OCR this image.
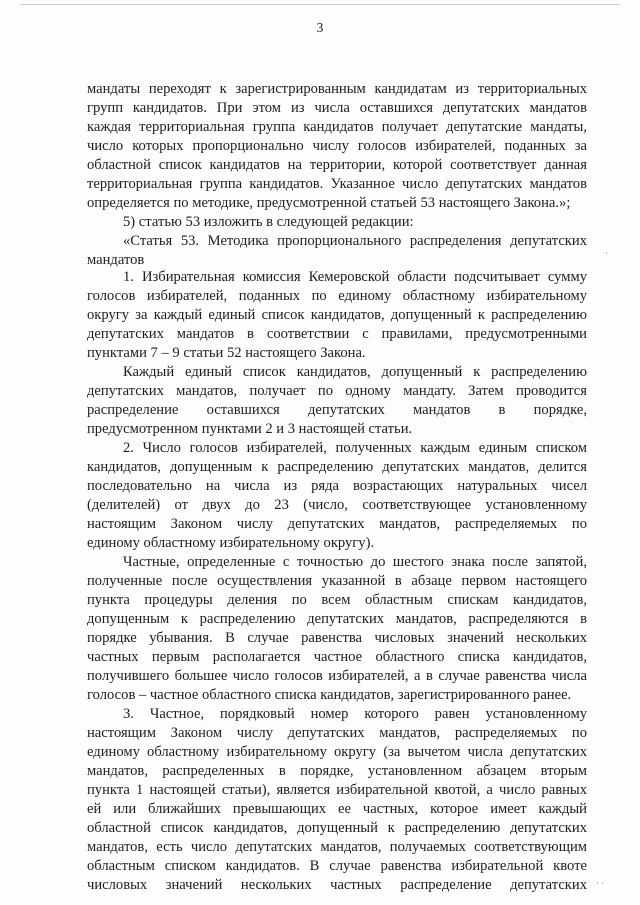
3
мандаты переходят к зарегистрированным кандидатам из территориальных
групп кандидатов. При этом из числа оставшихся депутатских мандатов
каждая территориальная группа кандидатов получает депутатские мандаты,
число которых пропорционально числу голосов избирателей, поданных за
областной список кандидатов на территории, которой соответствует данная
территориальная группа кандидатов. Указанное число депутатских мандатов
определяется по методике, предусмотренной статьей 53 настоящего Закона.»;
5) статью 53 изложить в следующей редакции:
«Статья 53. Методика пропорционального распределения депутатских
мандатов
1. Избирательная комиссия Кемеровской области подсчитывает сумму
голосов избирателей, поданных по единому областному избирательному
округу за каждый единый список кандидатов, допущенный к распределению
депутатских мандатов в соответствии с правилами, предусмотренными
пунктами 7 – 9 статьи 52 настоящего Закона.
Каждый единый список кандидатов, допущенный к распределению
депутатских мандатов, получает по одному мандату. Затем проводится
распределение оставшихся депутатских мандатов в порядке,
предусмотренном пунктами 2 и 3 настоящей статьи.
2. Число голосов избирателей, полученных каждым единым списком
кандидатов, допущенным к распределению депутатских мандатов, делится
последовательно на числа из ряда возрастающих натуральных чисел
(делителей) от двух до 23 (число, соответствующее установленному
настоящим Законом числу депутатских мандатов, распределяемых по
единому областному избирательному округу).
Частные, определенные с точностью до шестого знака после запятой,
полученные после осуществления указанной в абзаце первом настоящего
пункта процедуры деления по всем областным спискам кандидатов,
допущенным к распределению депутатских мандатов, распределяются в
порядке убывания. В случае равенства числовых значений нескольких
частных первым располагается частное областного списка кандидатов,
получившего большее число голосов избирателей, а в случае равенства числа
голосов – частное областного списка кандидатов, зарегистрированного ранее.
3. Частное, порядковый номер которого равен установленному
настоящим Законом числу депутатских мандатов, распределяемых по
единому областному избирательному округу (за вычетом числа депутатских
мандатов, распределенных в порядке, установленном абзацем вторым
пункта 1 настоящей статьи), является избирательной квотой, а число равных
ей или ближайших превышающих ее частных, которое имеет каждый
областной список кандидатов, допущенный к распределению депутатских
мандатов, есть число депутатских мандатов, получаемых соответствующим
областным списком кандидатов. В случае равенства избирательной квоте
числовых значений нескольких частных распределение депутатских
·
· ·
